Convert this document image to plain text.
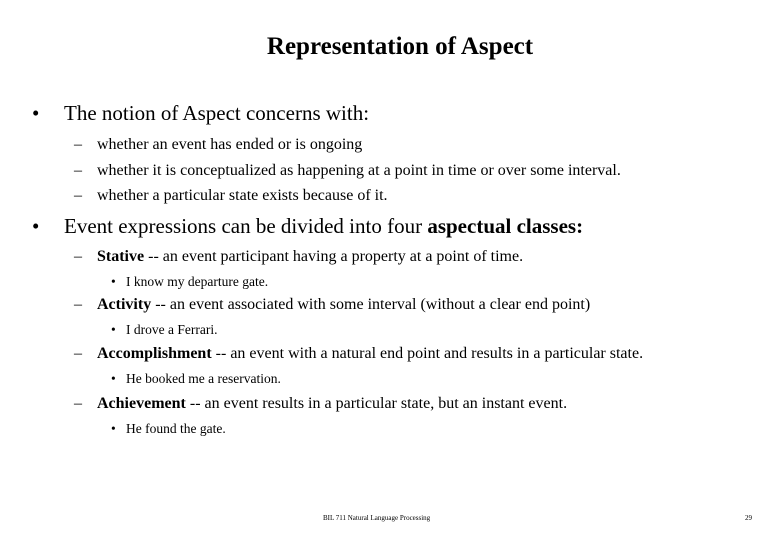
Representation of Aspect
• The notion of Aspect concerns with:
– whether an event has ended or is ongoing
– whether it is conceptualized as happening at a point in time or over some interval.
– whether a particular state exists because of it.
• Event expressions can be divided into four aspectual classes:
– Stative -- an event participant having a property at a point of time.
• I know my departure gate.
– Activity -- an event associated with some interval (without a clear end point)
• I drove a Ferrari.
– Accomplishment -- an event with a natural end point and results in a particular state.
• He booked me a reservation.
– Achievement -- an event results in a particular state, but an instant event.
• He found the gate.
BIL 711 Natural Language Processing	29
